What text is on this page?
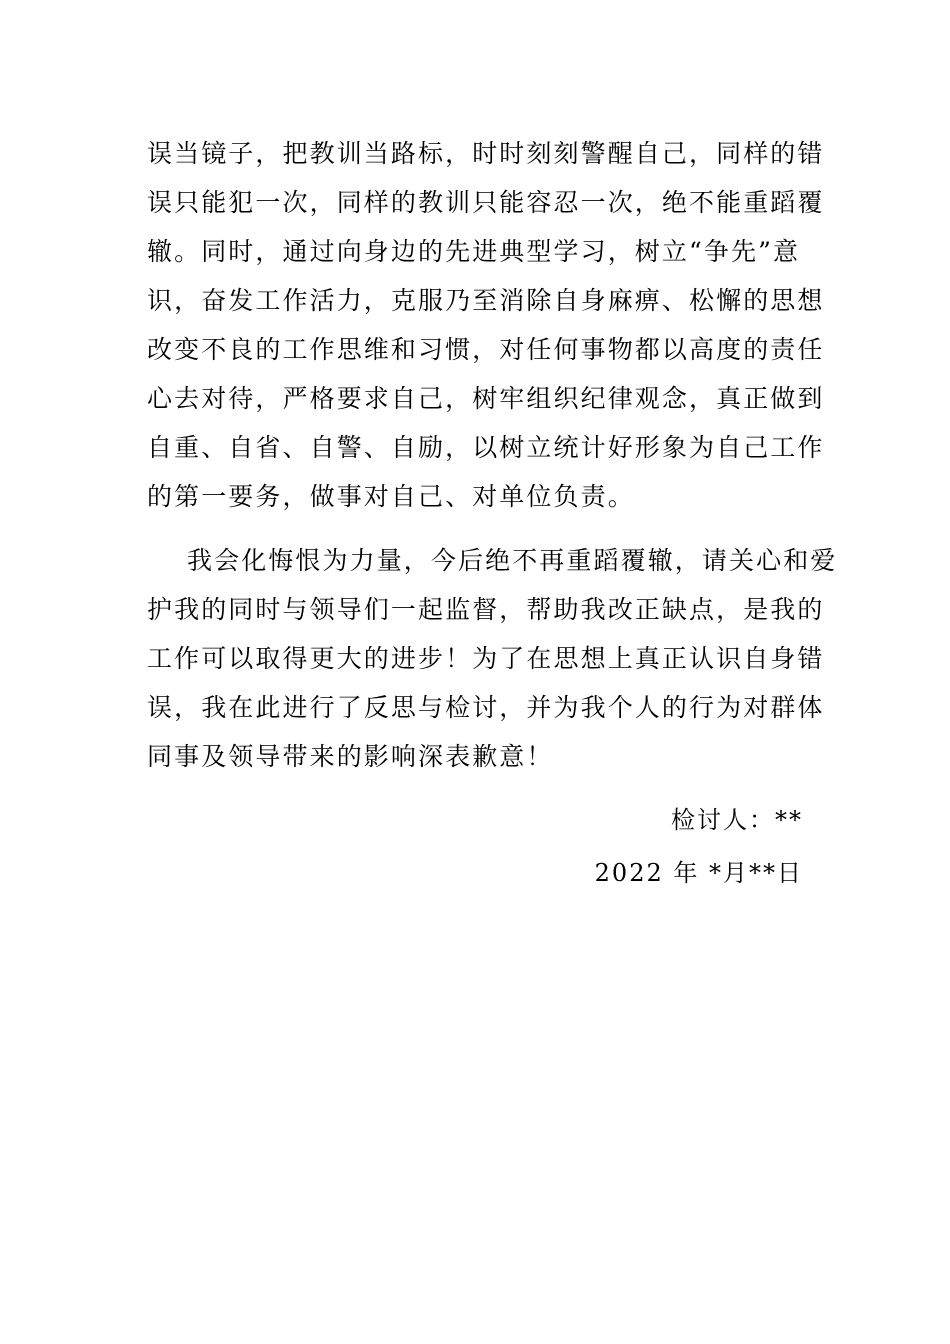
误当镜子，把教训当路标，时时刻刻警醒自己，同样的错
误只能犯一次，同样的教训只能容忍一次，绝不能重蹈覆
辙。同时，通过向身边的先进典型学习，树立“争先”意
识，奋发工作活力，克服乃至消除自身麻痹、松懈的思想
改变不良的工作思维和习惯，对任何事物都以高度的责任
心去对待，严格要求自己，树牢组织纪律观念，真正做到
自重、自省、自警、自励，以树立统计好形象为自己工作
的第一要务，做事对自己、对单位负责。
我会化悔恨为力量，今后绝不再重蹈覆辙，请关心和爱
护我的同时与领导们一起监督，帮助我改正缺点，是我的
工作可以取得更大的进步！为了在思想上真正认识自身错
误，我在此进行了反思与检讨，并为我个人的行为对群体
同事及领导带来的影响深表歉意！
检讨人：**
2022 年 *月**日
